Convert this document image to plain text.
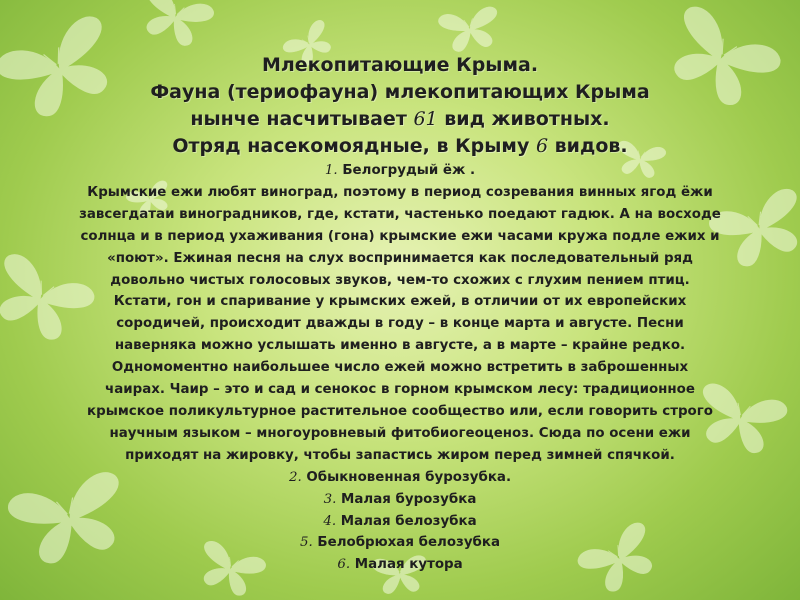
Млекопитающие Крыма.
Фауна (териофауна) млекопитающих Крыма
нынче насчитывает 61 вид животных.
Отряд насекомоядные, в Крыму 6 видов.
1. Белогрудый ёж .
Крымские ежи любят виноград, поэтому в период созревания винных ягод ёжи
завсегдатаи виноградников, где, кстати, частенько поедают гадюк. А на восходе
солнца и в период ухаживания (гона) крымские ежи часами кружа подле ежих и
«поют». Ежиная песня на слух воспринимается как последовательный ряд
довольно чистых голосовых звуков, чем-то схожих с глухим пением птиц.
Кстати, гон и спаривание у крымских ежей, в отличии от их европейских
сородичей, происходит дважды в году – в конце марта и августе. Песни
наверняка можно услышать именно в августе, а в марте – крайне редко.
Одномоментно наибольшее число ежей можно встретить в заброшенных
чаирах. Чаир – это и сад и сенокос в горном крымском лесу: традиционное
крымское поликультурное растительное сообщество или, если говорить строго
научным языком – многоуровневый фитобиогеоценоз. Сюда по осени ежи
приходят на жировку, чтобы запастись жиром перед зимней спячкой.
2. Обыкновенная бурозубка.
3. Малая бурозубка
4. Малая белозубка
5. Белобрюхая белозубка
6. Малая кутора
